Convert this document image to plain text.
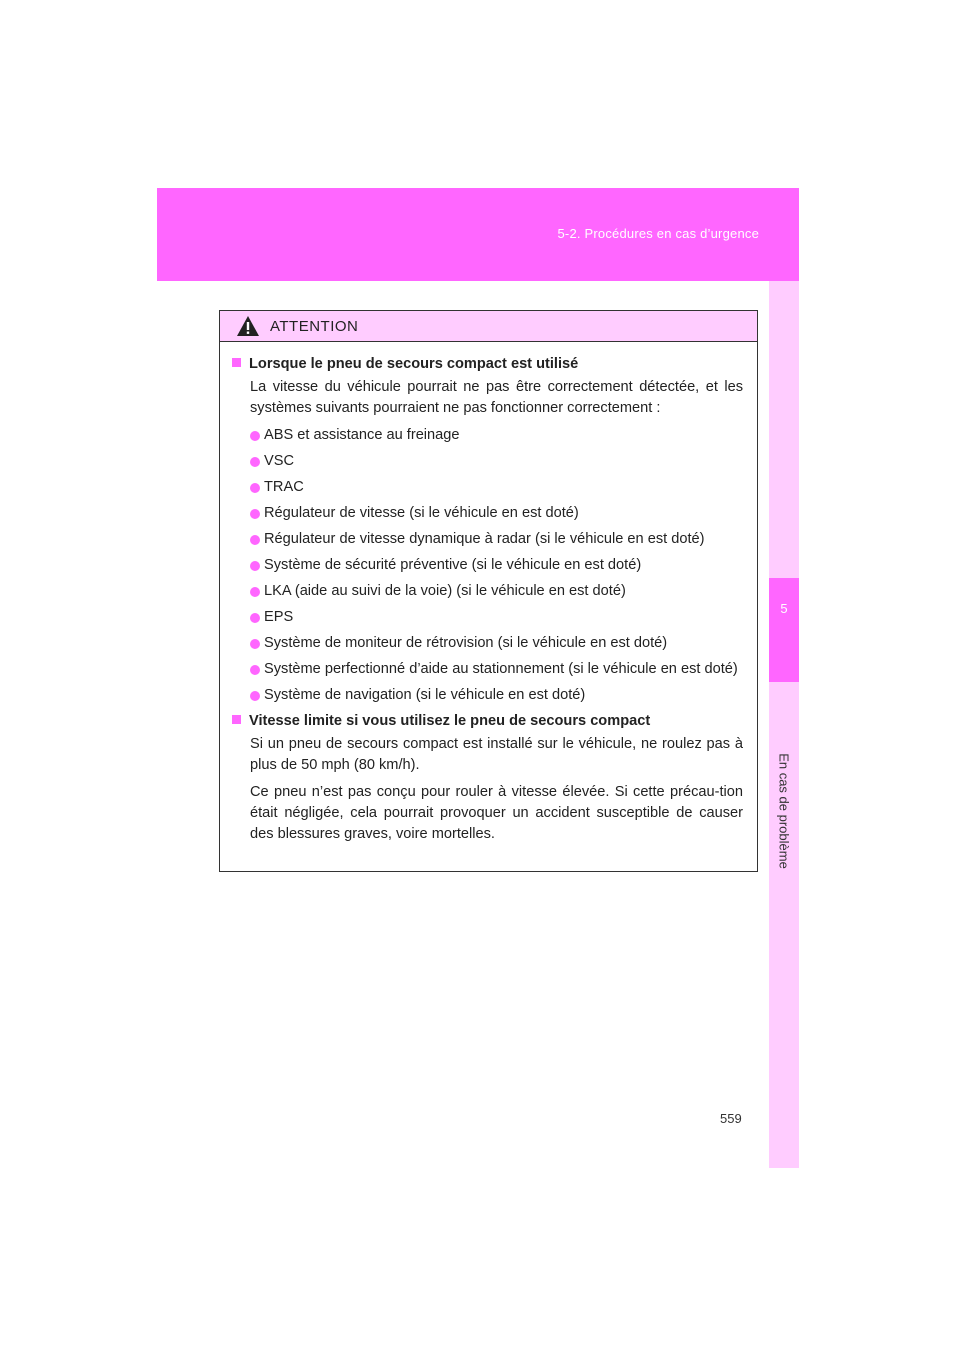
5-2. Procédures en cas d’urgence
5
En cas de problème
ATTENTION
Lorsque le pneu de secours compact est utilisé

La vitesse du véhicule pourrait ne pas être correctement détectée, et les systèmes suivants pourraient ne pas fonctionner correctement :

ABS et assistance au freinage
VSC
TRAC
Régulateur de vitesse (si le véhicule en est doté)
Régulateur de vitesse dynamique à radar (si le véhicule en est doté)
Système de sécurité préventive (si le véhicule en est doté)
LKA (aide au suivi de la voie) (si le véhicule en est doté)
EPS
Système de moniteur de rétrovision (si le véhicule en est doté)
Système perfectionné d’aide au stationnement (si le véhicule en est doté)
Système de navigation (si le véhicule en est doté)
Vitesse limite si vous utilisez le pneu de secours compact

Si un pneu de secours compact est installé sur le véhicule, ne roulez pas à plus de 50 mph (80 km/h).

Ce pneu n’est pas conçu pour rouler à vitesse élevée. Si cette précau-tion était négligée, cela pourrait provoquer un accident susceptible de causer des blessures graves, voire mortelles.

559
